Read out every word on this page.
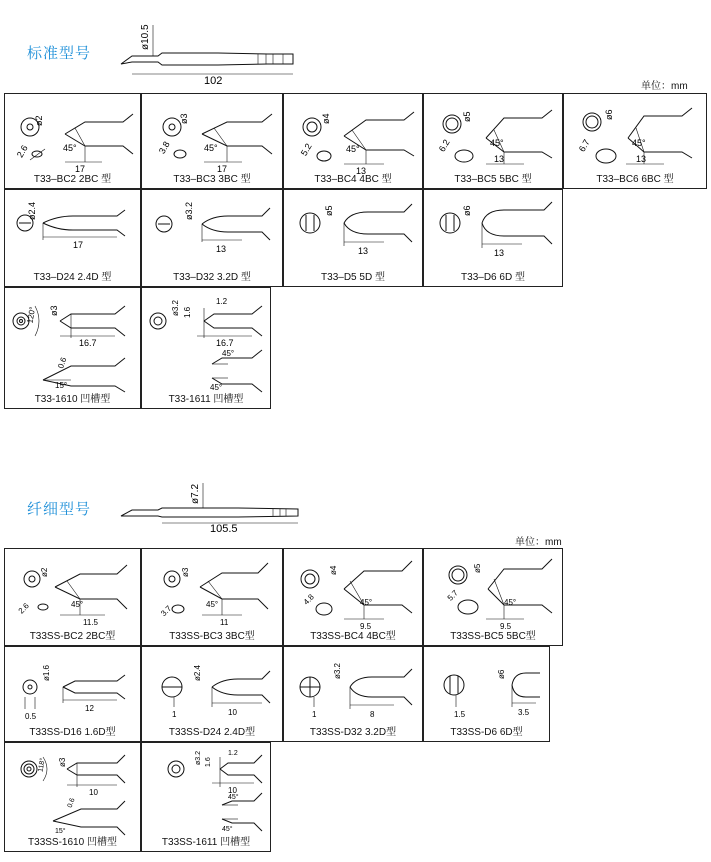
标准型号
ø10.5
102	单位：mm
ø2
2.6
17
45°
T33–BC2 2BC 型
ø3
3.8
17
45°
T33–BC3 3BC 型
ø4
5.2
13
45°
T33–BC4 4BC 型
ø5
6.2
13
45°
T33–BC5 5BC 型
ø6
6.7
13
45°
T33–BC6 6BC 型
ø2.4
17
T33–D24 2.4D 型
ø3.2
13
T33–D32 3.2D 型
ø5
13
T33–D5 5D 型
ø6
13
T33–D6 6D 型
ø3
120°
16.7
0.6
15°
T33-1610 凹槽型
ø3.2 1.6
1.2
16.7
45°
45°
T33-1611 凹槽型
纤细型号
ø7.2
105.5
单位：mm
ø2
2.6
11.5
45°
T33SS-BC2 2BC型
ø3
3.7
11
45°
T33SS-BC3 3BC型
ø4
4.8
9.5
45°
T33SS-BC4 4BC型
ø5
5.7
9.5
45°
T33SS-BC5 5BC型
ø1.6
0.5
12
T33SS-D16 1.6D型
ø2.4
1	10
T33SS-D24 2.4D型
ø3.2
1	8
T33SS-D32 3.2D型
ø6
1.5	3.5
T33SS-D6 6D型
ø3
118°
10
0.6
15°
T33SS-1610 凹槽型
ø3.2 1.6
1.2
10
45°
45°
T33SS-1611 凹槽型
